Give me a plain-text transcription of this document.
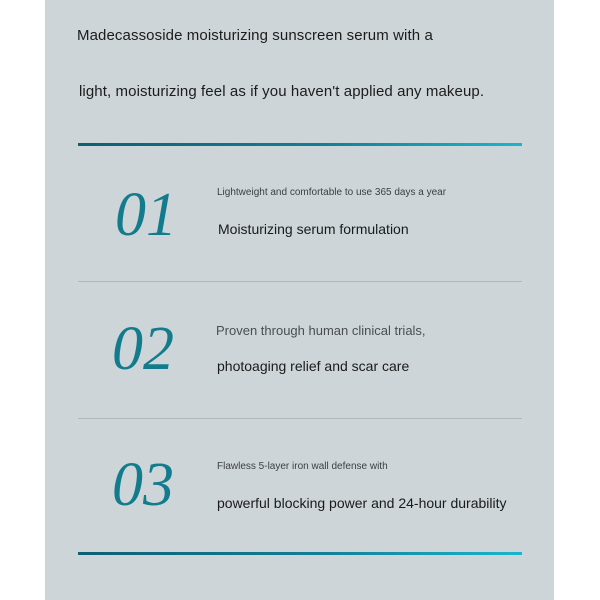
Madecassoside moisturizing sunscreen serum with a
light, moisturizing feel as if you haven't applied any makeup.
01	Lightweight and comfortable to use 365 days a year
Moisturizing serum formulation
02	Proven through human clinical trials,
photoaging relief and scar care
03	Flawless 5-layer iron wall defense with
powerful blocking power and 24-hour durability
